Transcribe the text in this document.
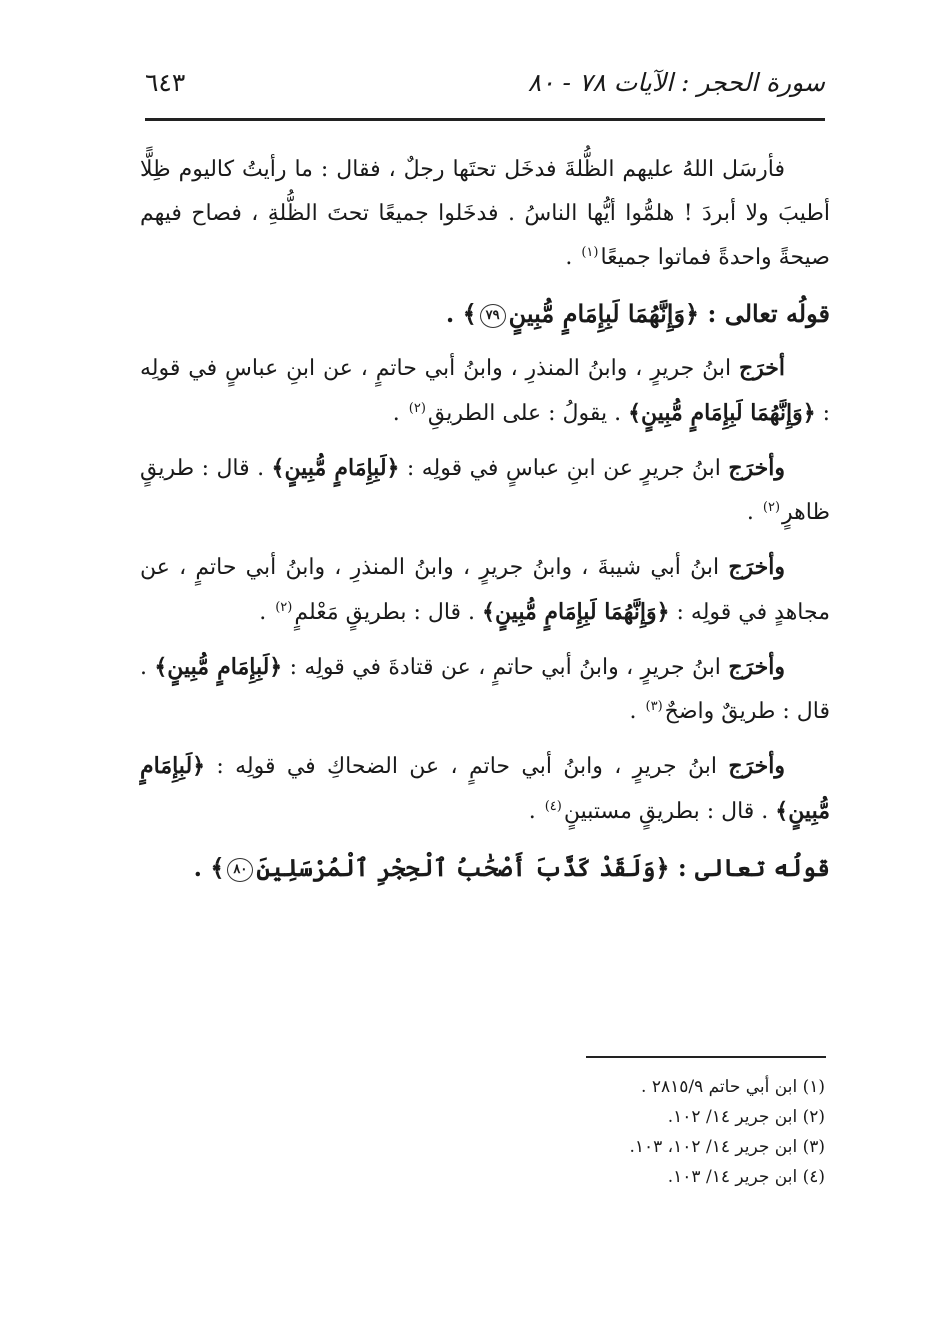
سورة الحجر : الآيات ٧٨ - ٨٠
٦٤٣

فأرسَل اللهُ عليهم الظُّلةَ فدخَل تحتَها رجلٌ ، فقال : ما رأيتُ كاليوم ظِلًّا أطيبَ ولا أبردَ ! هلمُّوا أيُّها الناسُ . فدخَلوا جميعًا تحتَ الظُّلةِ ، فصاح فيهم صيحةً واحدةً فماتوا جميعًا$^{(١)}$ .

قولُه تعالى : ﴿وَإِنَّهُمَا لَبِإِمَامٍ مُّبِينٍ٧٩﴾ .

أخرَج ابنُ جريرٍ ، وابنُ المنذرِ ، وابنُ أبي حاتمٍ ، عن ابنِ عباسٍ في قولِه : ﴿وَإِنَّهُمَا لَبِإِمَامٍ مُّبِينٍ﴾ . يقولُ : على الطريقِ$^{(٢)}$ .

وأخرَج ابنُ جريرٍ عن ابنِ عباسٍ في قولِه : ﴿لَبِإِمَامٍ مُّبِينٍ﴾ . قال : طريقٍ ظاهرٍ$^{(٢)}$ .

وأخرَج ابنُ أبي شيبةَ ، وابنُ جريرٍ ، وابنُ المنذرِ ، وابنُ أبي حاتمٍ ، عن مجاهدٍ في قولِه : ﴿وَإِنَّهُمَا لَبِإِمَامٍ مُّبِينٍ﴾ . قال : بطريقٍ مَعْلمٍ$^{(٢)}$ .

وأخرَج ابنُ جريرٍ ، وابنُ أبي حاتمٍ ، عن قتادةَ في قولِه : ﴿لَبِإِمَامٍ مُّبِينٍ﴾ . قال : طريقٌ واضحٌ$^{(٣)}$ .

وأخرَج ابنُ جريرٍ ، وابنُ أبي حاتمٍ ، عن الضحاكِ في قولِه : ﴿لَبِإِمَامٍ مُّبِينٍ﴾ . قال : بطريقٍ مستبينٍ$^{(٤)}$ .

قولُه تعالى : ﴿وَلَقَدْ كَذَّبَ أَصْحَٰبُ ٱلْحِجْرِ ٱلْمُرْسَلِينَ٨٠﴾ .

(١) ابن أبي حاتم ٢٨١٥/٩ .
(٢) ابن جرير ١٤/ ١٠٢.
(٣) ابن جرير ١٤/ ١٠٢، ١٠٣.
(٤) ابن جرير ١٤/ ١٠٣.
